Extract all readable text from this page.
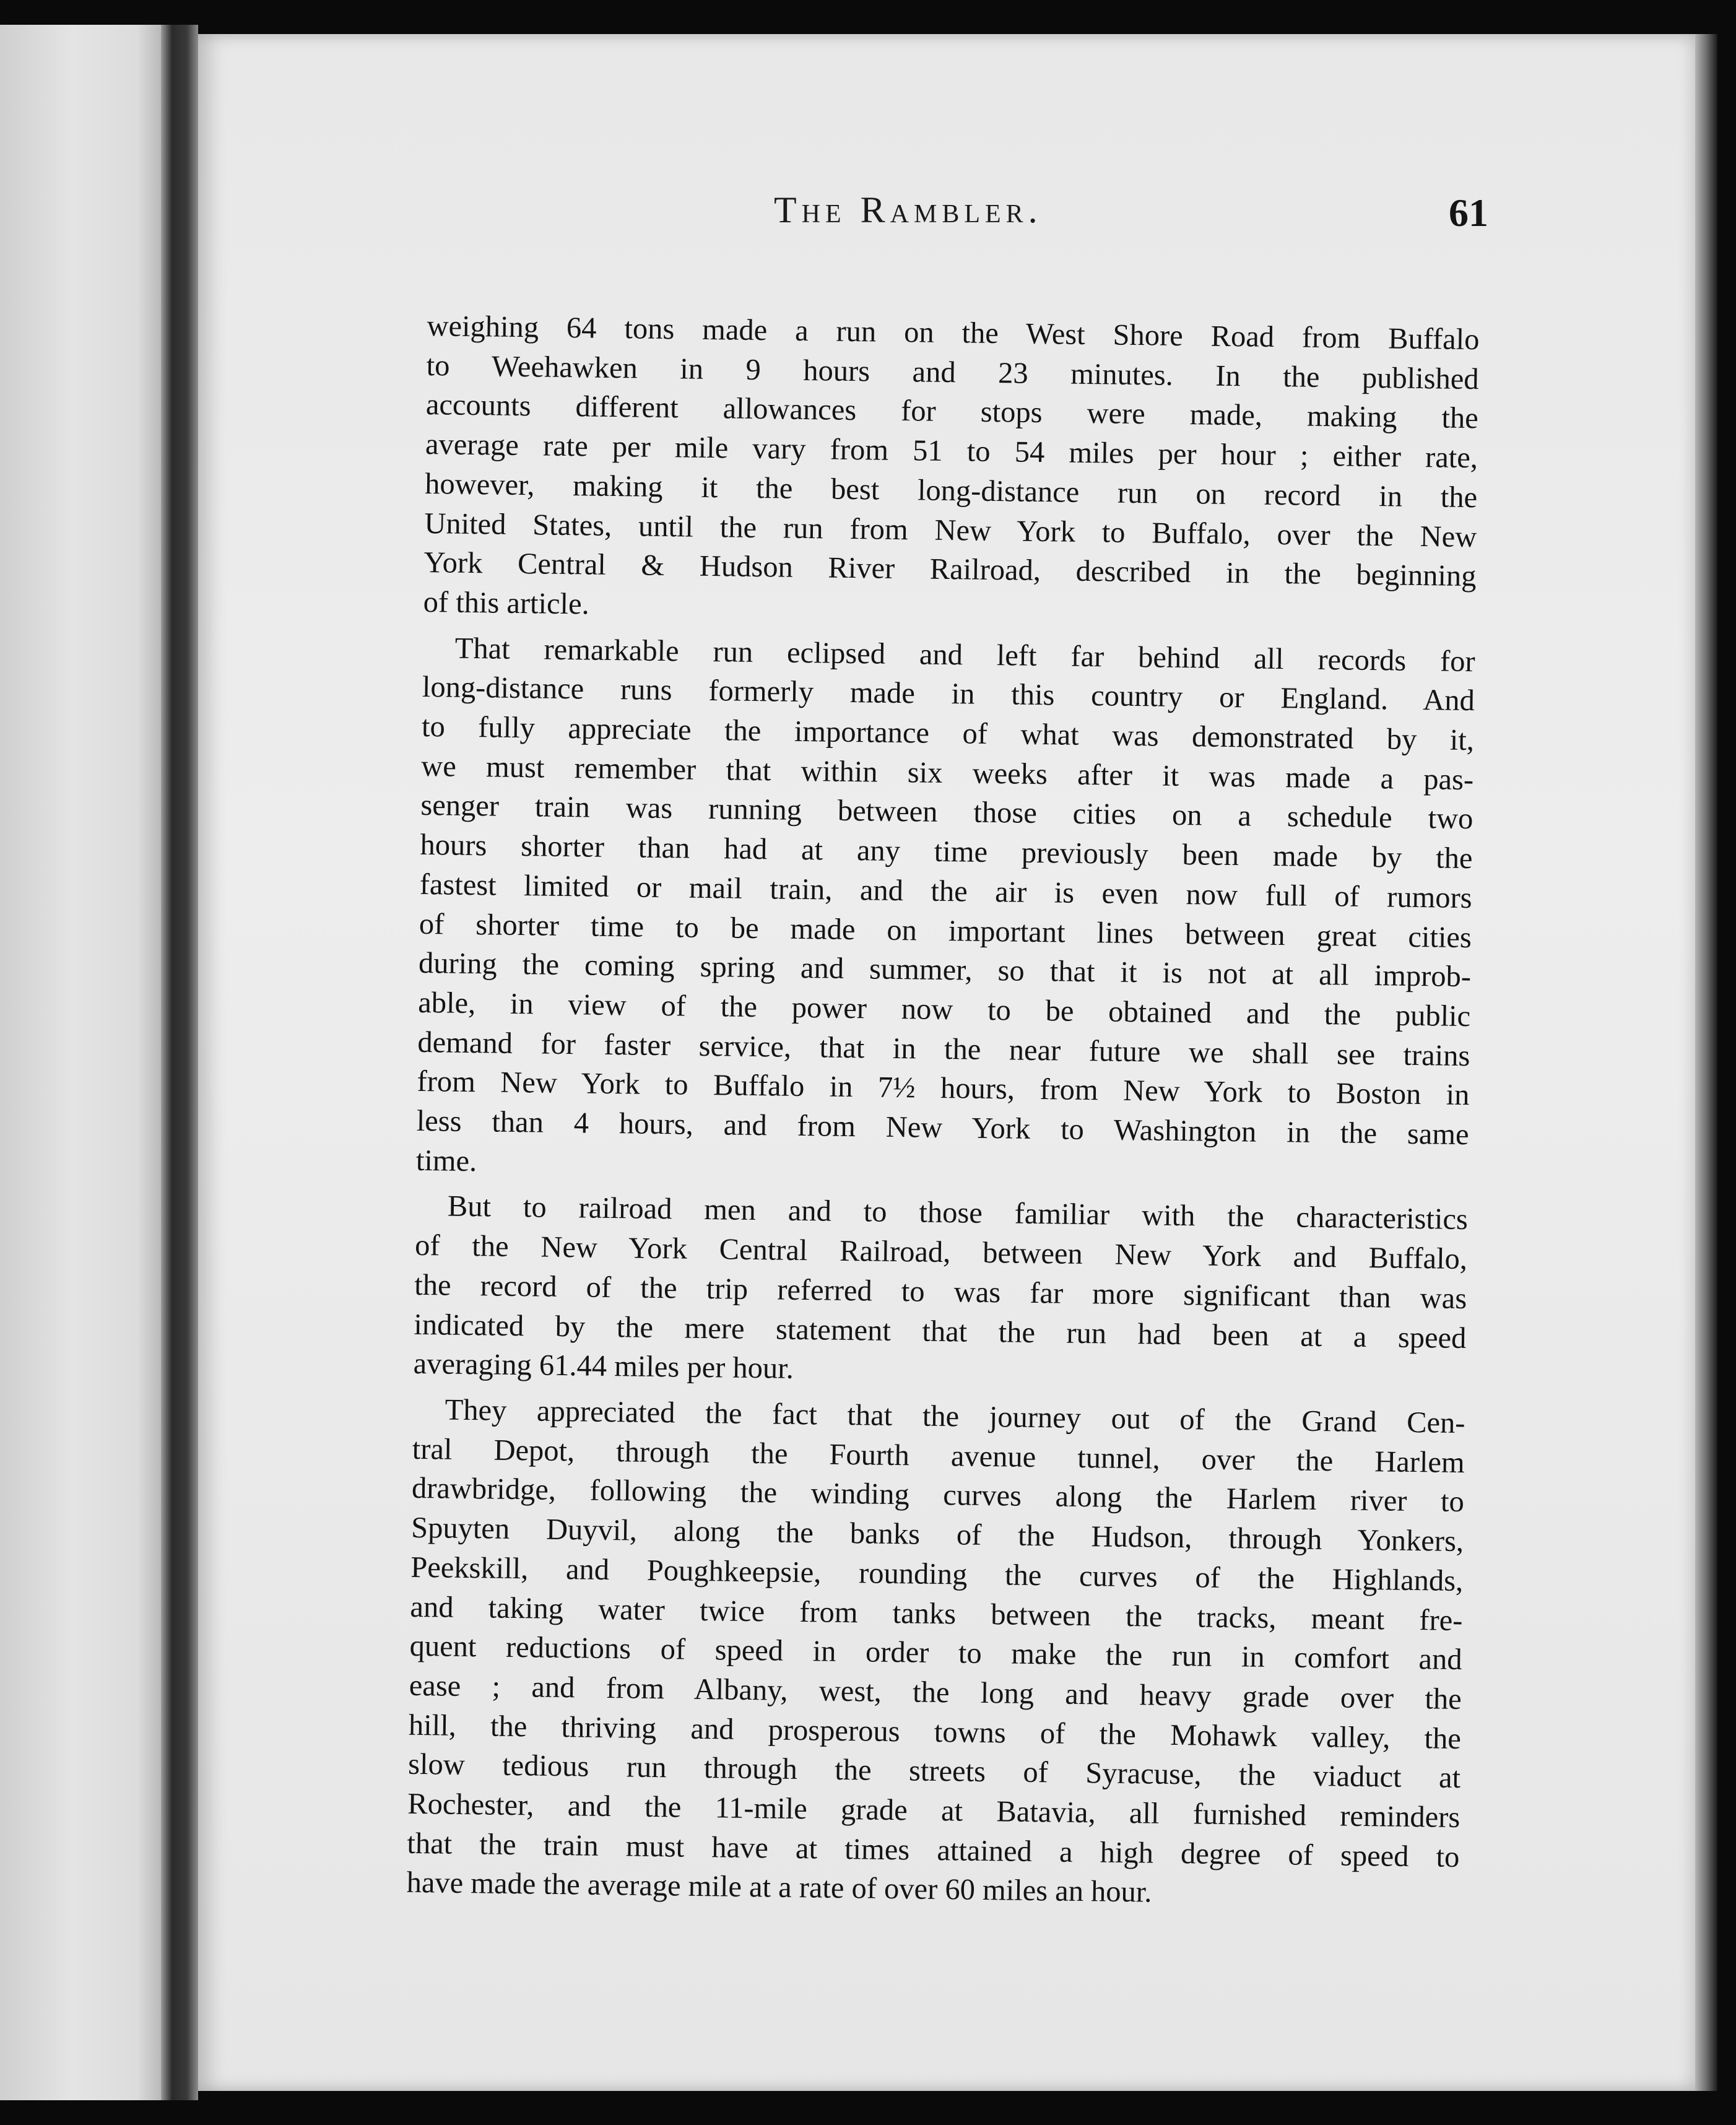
The Rambler.	61
weighing 64 tons made a run on the West Shore Road from Buffalo
to Weehawken in 9 hours and 23 minutes. In the published
accounts different allowances for stops were made, making the
average rate per mile vary from 51 to 54 miles per hour ; either rate,
however, making it the best long-distance run on record in the
United States, until the run from New York to Buffalo, over the New
York Central & Hudson River Railroad, described in the beginning
of this article.
That remarkable run eclipsed and left far behind all records for
long-distance runs formerly made in this country or England. And
to fully appreciate the importance of what was demonstrated by it,
we must remember that within six weeks after it was made a pas-
senger train was running between those cities on a schedule two
hours shorter than had at any time previously been made by the
fastest limited or mail train, and the air is even now full of rumors
of shorter time to be made on important lines between great cities
during the coming spring and summer, so that it is not at all improb-
able, in view of the power now to be obtained and the public
demand for faster service, that in the near future we shall see trains
from New York to Buffalo in 7½ hours, from New York to Boston in
less than 4 hours, and from New York to Washington in the same
time.
But to railroad men and to those familiar with the characteristics
of the New York Central Railroad, between New York and Buffalo,
the record of the trip referred to was far more significant than was
indicated by the mere statement that the run had been at a speed
averaging 61.44 miles per hour.
They appreciated the fact that the journey out of the Grand Cen-
tral Depot, through the Fourth avenue tunnel, over the Harlem
drawbridge, following the winding curves along the Harlem river to
Spuyten Duyvil, along the banks of the Hudson, through Yonkers,
Peekskill, and Poughkeepsie, rounding the curves of the Highlands,
and taking water twice from tanks between the tracks, meant fre-
quent reductions of speed in order to make the run in comfort and
ease ; and from Albany, west, the long and heavy grade over the
hill, the thriving and prosperous towns of the Mohawk valley, the
slow tedious run through the streets of Syracuse, the viaduct at
Rochester, and the 11-mile grade at Batavia, all furnished reminders
that the train must have at times attained a high degree of speed to
have made the average mile at a rate of over 60 miles an hour.
